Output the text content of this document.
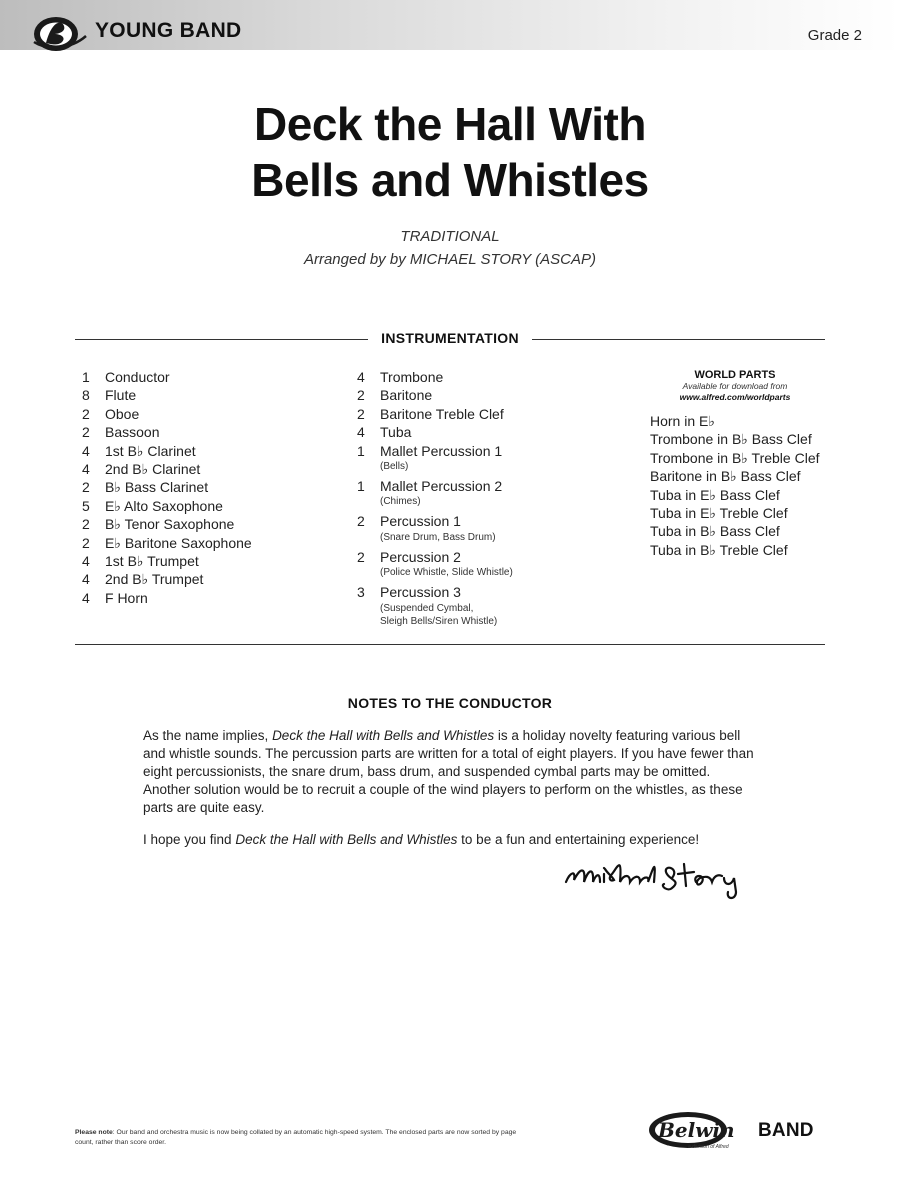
YOUNG BAND	Grade 2
Deck the Hall With
Bells and Whistles
TRADITIONAL
Arranged by by MICHAEL STORY (ASCAP)
INSTRUMENTATION
1	Conductor
8	Flute
2	Oboe
2	Bassoon
4	1st B♭ Clarinet
4	2nd B♭ Clarinet
2	B♭ Bass Clarinet
5	E♭ Alto Saxophone
2	B♭ Tenor Saxophone
2	E♭ Baritone Saxophone
4	1st B♭ Trumpet
4	2nd B♭ Trumpet
4	F Horn
4	Trombone
2	Baritone
2	Baritone Treble Clef
4	Tuba
1	Mallet Percussion 1
(Bells)
1	Mallet Percussion 2
(Chimes)
2	Percussion 1
(Snare Drum, Bass Drum)
2	Percussion 2
(Police Whistle, Slide Whistle)
3	Percussion 3
(Suspended Cymbal,
Sleigh Bells/Siren Whistle)
WORLD PARTS
Available for download from
www.alfred.com/worldparts
Horn in E♭
Trombone in B♭ Bass Clef
Trombone in B♭ Treble Clef
Baritone in B♭ Bass Clef
Tuba in E♭ Bass Clef
Tuba in E♭ Treble Clef
Tuba in B♭ Bass Clef
Tuba in B♭ Treble Clef
NOTES TO THE CONDUCTOR

As the name implies, Deck the Hall with Bells and Whistles is a holiday novelty featuring various bell and whistle sounds. The percussion parts are written for a total of eight players. If you have fewer than eight percussionists, the snare drum, bass drum, and suspended cymbal parts may be omitted. Another solution would be to recruit a couple of the wind players to perform on the whistles, as these parts are quite easy.

I hope you find Deck the Hall with Bells and Whistles to be a fun and entertaining experience!

Please note: Our band and orchestra music is now being collated by an automatic high-speed system. The enclosed parts are now sorted by page count, rather than score order.
Belwin BAND
a division of Alfred
